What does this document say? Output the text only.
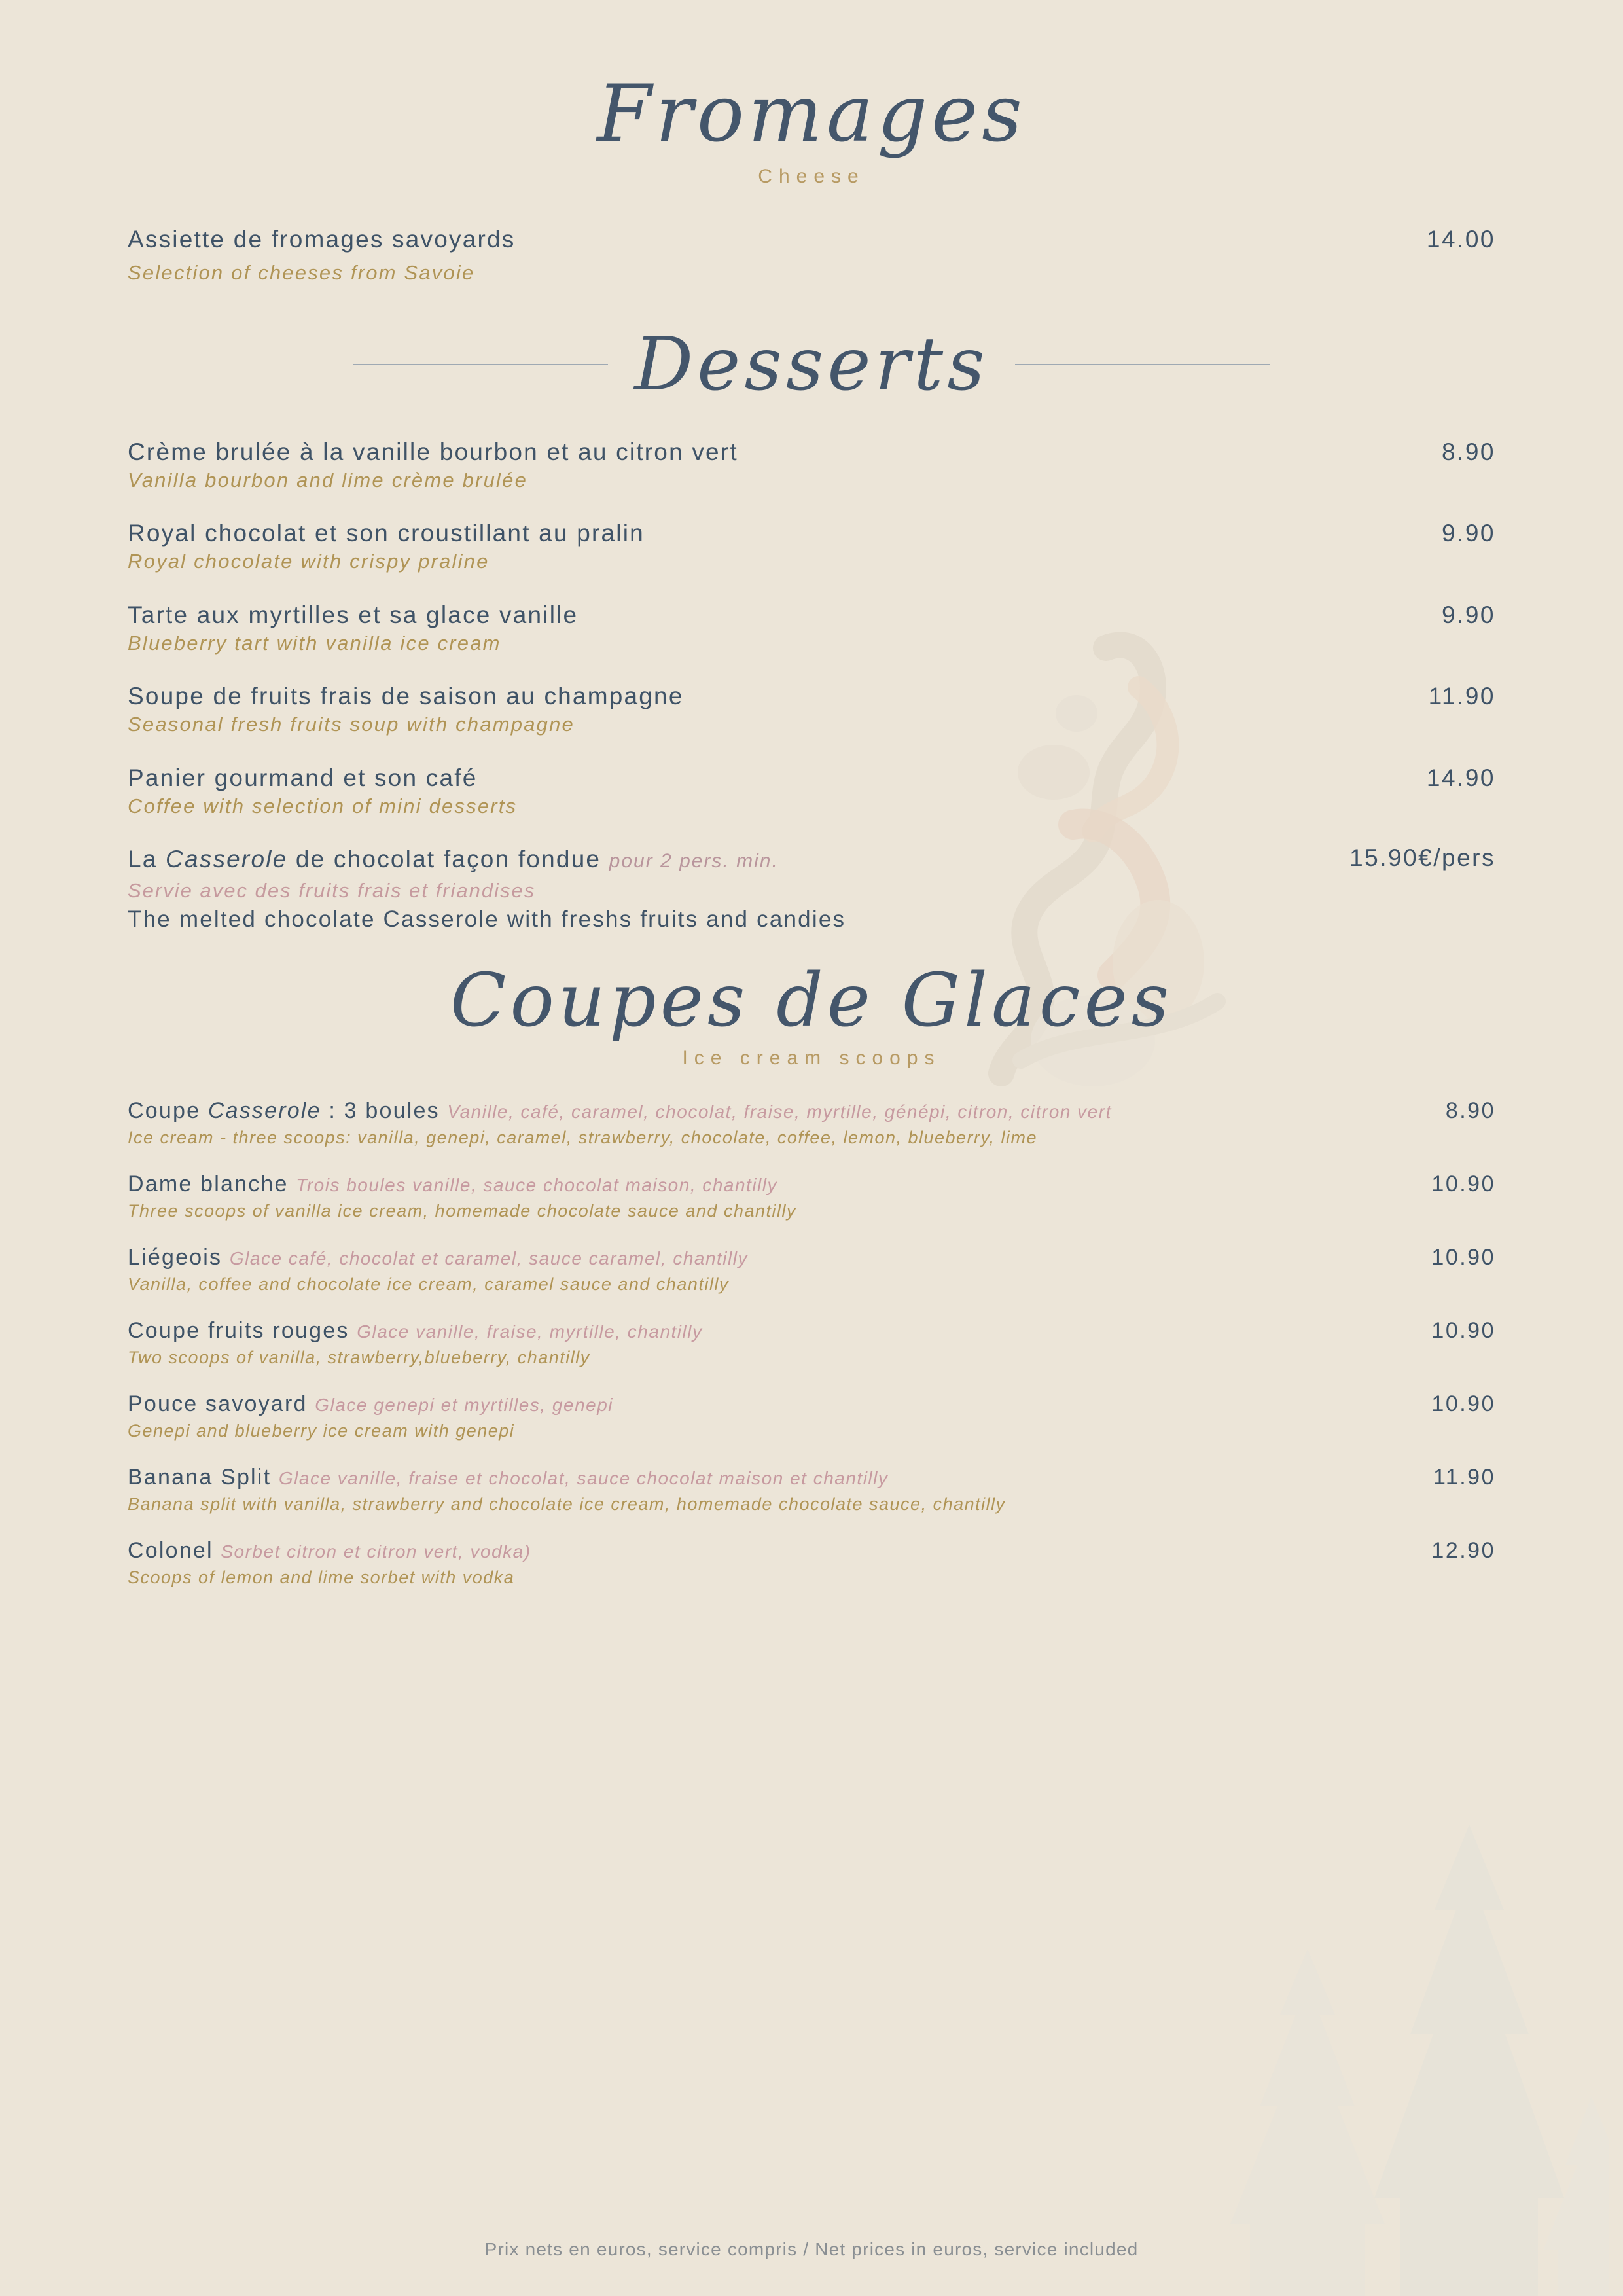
Fromages
Cheese
Assiette de fromages savoyards
Selection of cheeses from Savoie
14.00
Desserts
Crème brulée à la vanille bourbon et au citron vert
Vanilla bourbon and lime crème brulée
8.90
Royal chocolat et son croustillant au pralin
Royal chocolate with crispy praline
9.90
Tarte aux myrtilles et sa glace vanille
Blueberry tart with vanilla ice cream
9.90
Soupe de fruits frais de saison au champagne
Seasonal fresh fruits soup with champagne
11.90
Panier gourmand et son café
Coffee with selection of mini desserts
14.90
La Casserole de chocolat façon fondue pour 2 pers. min.
Servie avec des fruits frais et friandises
The melted chocolate Casserole with freshs fruits and candies
15.90€/pers
Coupes de Glaces
Ice cream scoops
Coupe Casserole : 3 boules Vanille, café, caramel, chocolat, fraise, myrtille, génépi, citron, citron vert
Ice cream - three scoops: vanilla, genepi, caramel, strawberry, chocolate, coffee, lemon, blueberry, lime
8.90
Dame blanche Trois boules vanille, sauce chocolat maison, chantilly
Three scoops of vanilla ice cream, homemade chocolate sauce and chantilly
10.90
Liégeois Glace café, chocolat et caramel, sauce caramel, chantilly
Vanilla, coffee and chocolate ice cream, caramel sauce and chantilly
10.90
Coupe fruits rouges Glace vanille, fraise, myrtille, chantilly
Two scoops of vanilla, strawberry,blueberry, chantilly
10.90
Pouce savoyard Glace genepi et myrtilles, genepi
Genepi and blueberry ice cream with genepi
10.90
Banana Split Glace vanille, fraise et chocolat, sauce chocolat maison et chantilly
Banana split with vanilla, strawberry and chocolate ice cream, homemade chocolate sauce, chantilly
11.90
Colonel Sorbet citron et citron vert, vodka)
Scoops of lemon and lime sorbet with vodka
12.90
Prix nets en euros, service compris / Net prices in euros, service included
